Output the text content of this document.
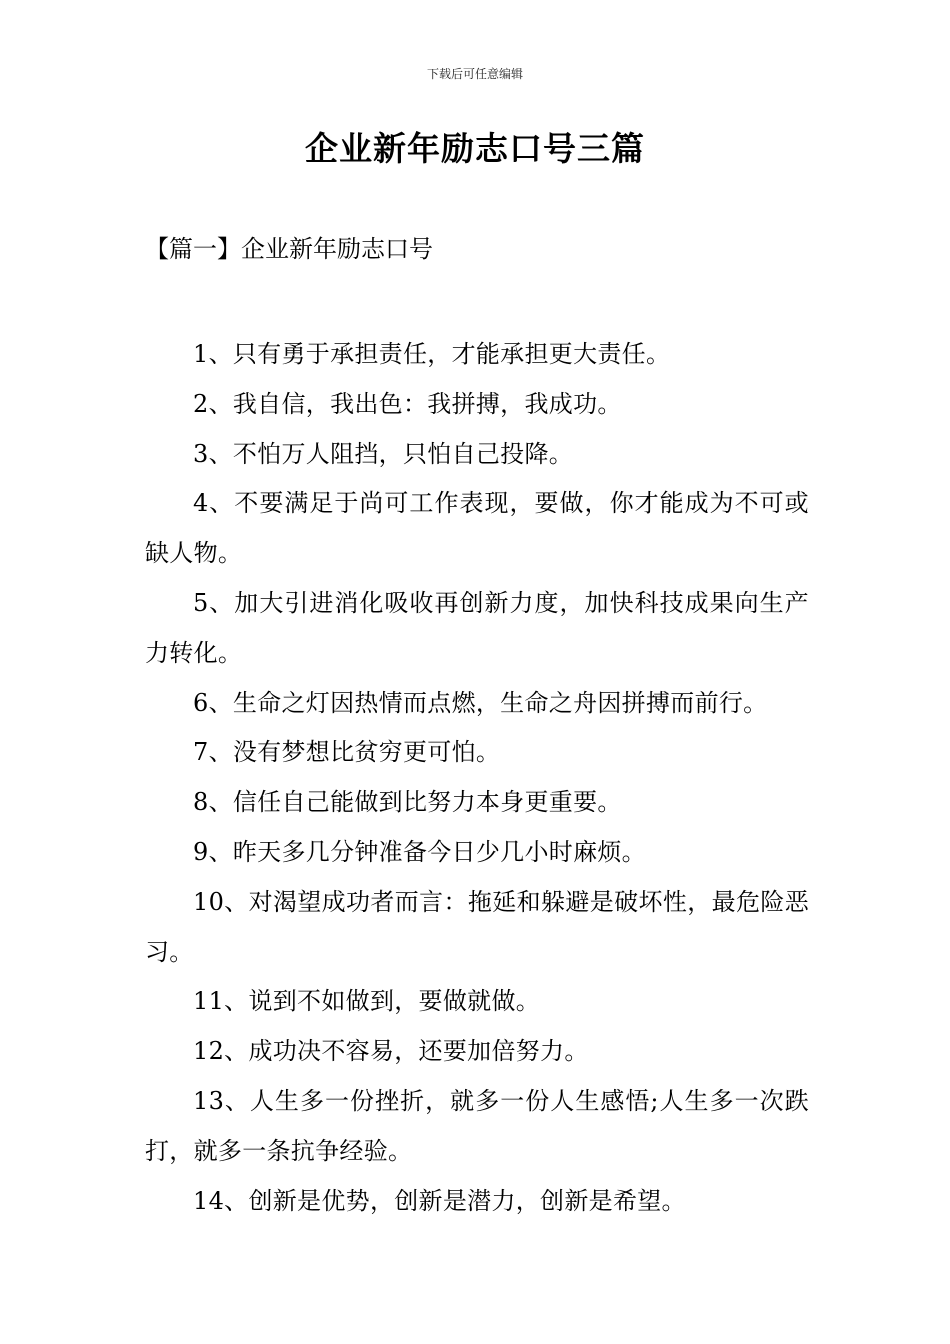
下载后可任意编辑
企业新年励志口号三篇
【篇一】企业新年励志口号
1、只有勇于承担责任，才能承担更大责任。
2、我自信，我出色：我拼搏，我成功。
3、不怕万人阻挡，只怕自己投降。
4、不要满足于尚可工作表现，要做，你才能成为不可或缺人物。
5、加大引进消化吸收再创新力度，加快科技成果向生产力转化。
6、生命之灯因热情而点燃，生命之舟因拼搏而前行。
7、没有梦想比贫穷更可怕。
8、信任自己能做到比努力本身更重要。
9、昨天多几分钟准备今日少几小时麻烦。
10、对渴望成功者而言：拖延和躲避是破坏性，最危险恶习。
11、说到不如做到，要做就做。
12、成功决不容易，还要加倍努力。
13、人生多一份挫折，就多一份人生感悟;人生多一次跌打，就多一条抗争经验。
14、创新是优势，创新是潜力，创新是希望。
